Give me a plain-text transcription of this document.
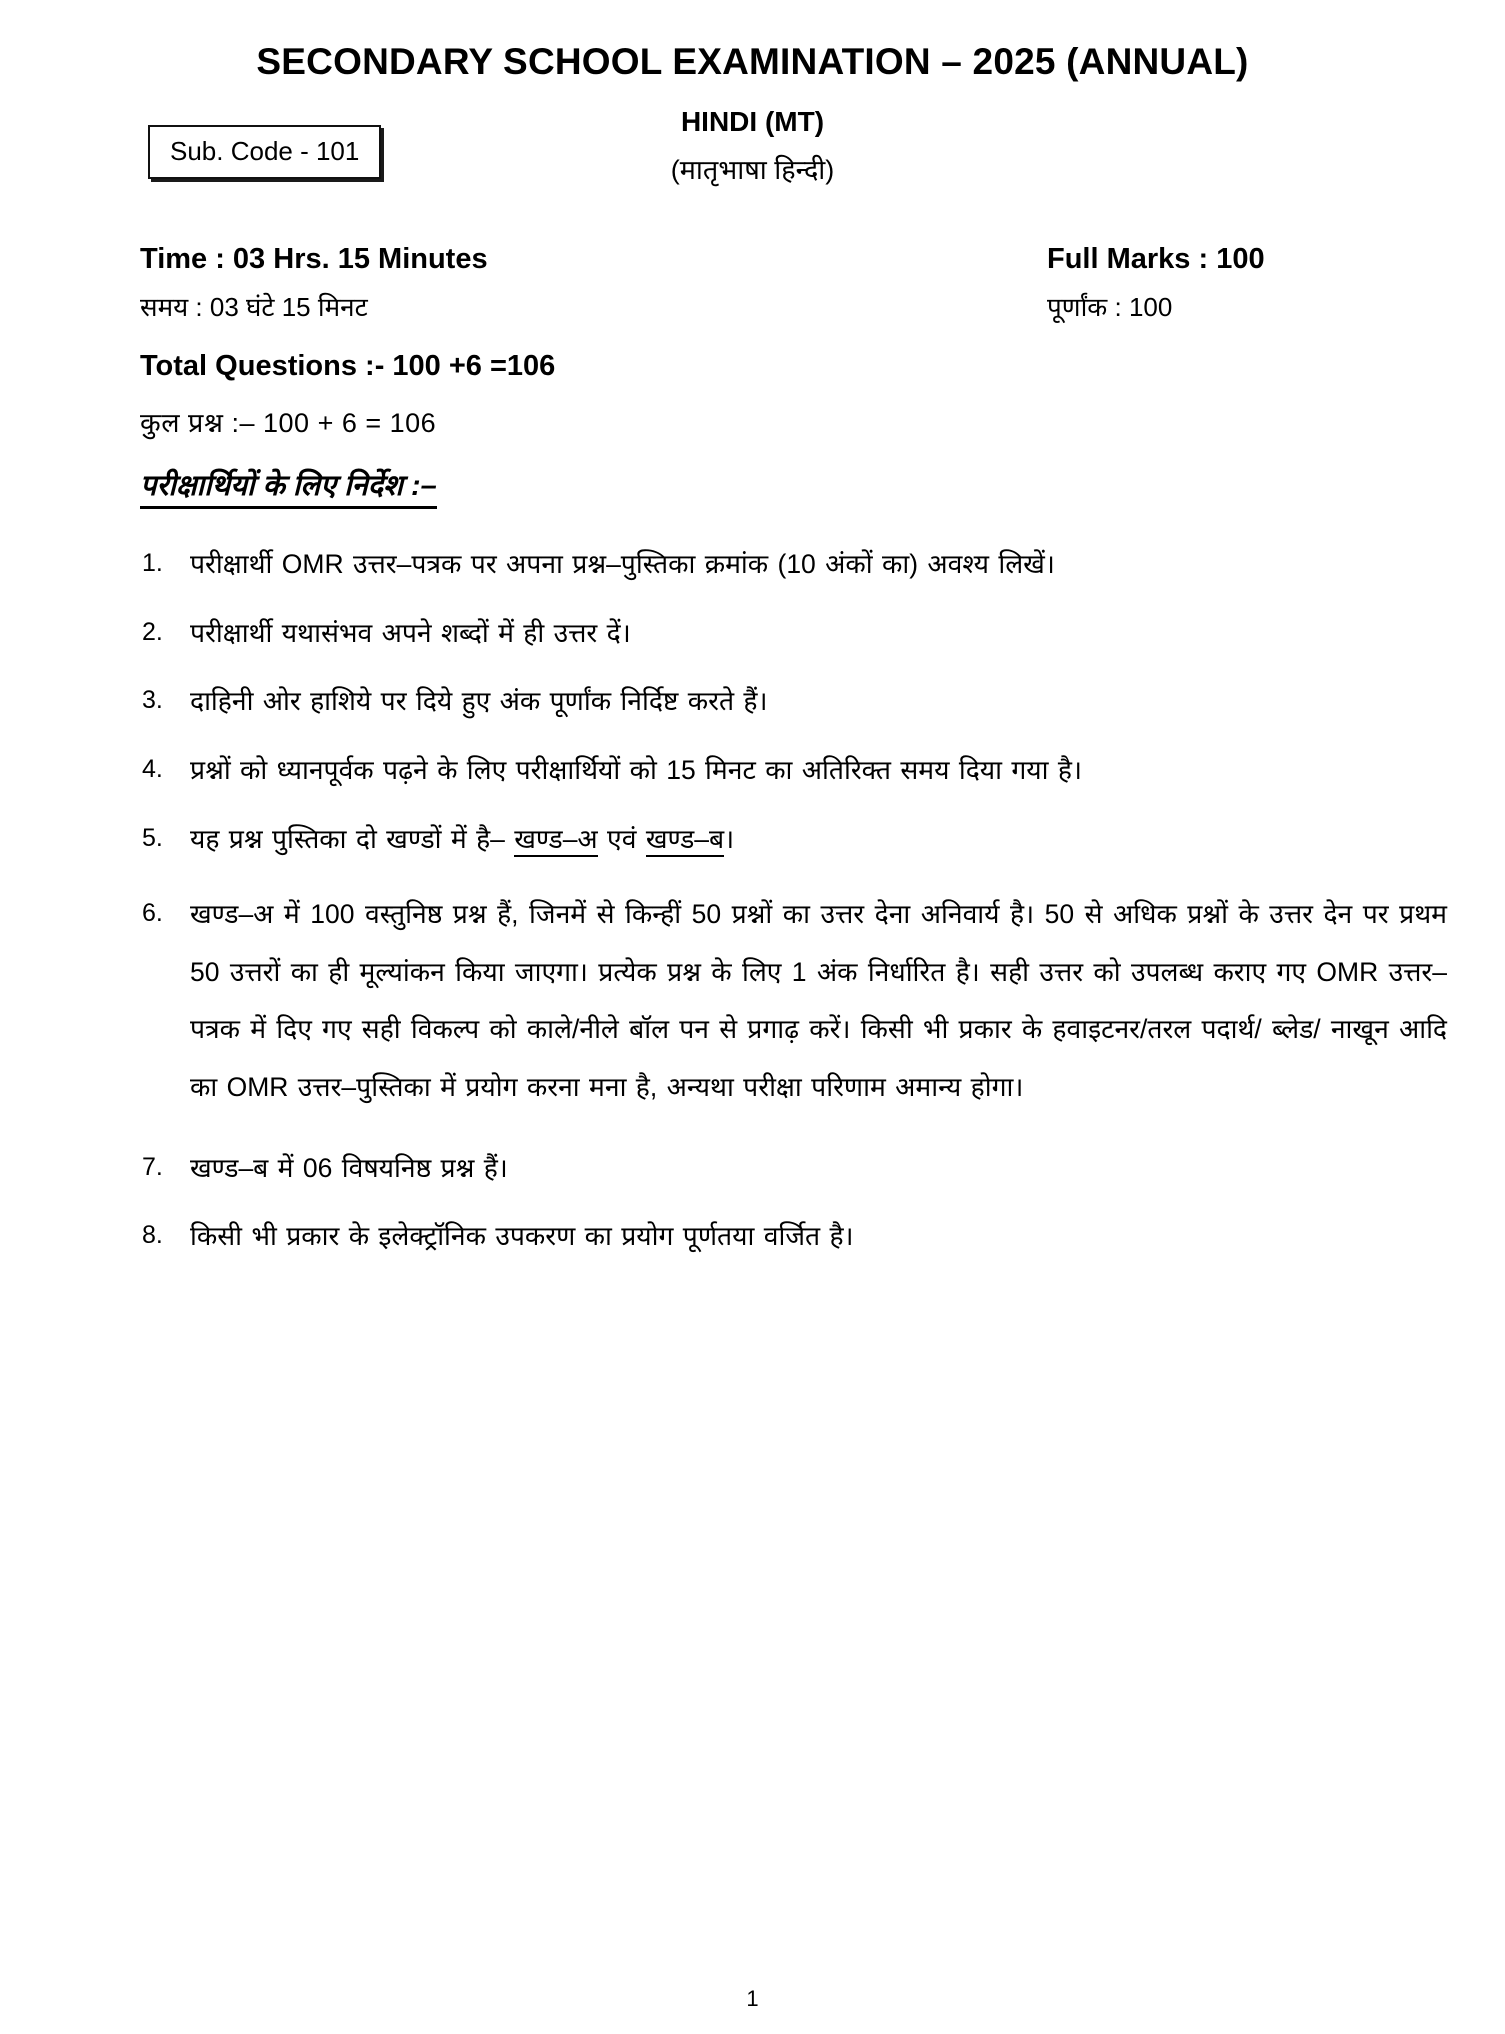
SECONDARY SCHOOL EXAMINATION – 2025 (ANNUAL)
Sub. Code - 101
HINDI (MT)
(मातृभाषा हिन्दी)
Time : 03 Hrs. 15 Minutes	Full Marks : 100
समय : 03 घंटे 15 मिनट	पूर्णांक : 100
Total Questions :- 100 +6 =106
कुल प्रश्न :– 100 + 6 = 106
परीक्षार्थियों के लिए निर्देश :–
1.	परीक्षार्थी OMR उत्तर–पत्रक पर अपना प्रश्न–पुस्तिका क्रमांक (10 अंकों का) अवश्य लिखें।
2.	परीक्षार्थी यथासंभव अपने शब्दों में ही उत्तर दें।
3.	दाहिनी ओर हाशिये पर दिये हुए अंक पूर्णांक निर्दिष्ट करते हैं।
4.	प्रश्नों को ध्यानपूर्वक पढ़ने के लिए परीक्षार्थियों को 15 मिनट का अतिरिक्त समय दिया गया है।
5.	यह प्रश्न पुस्तिका दो खण्डों में है– खण्ड–अ एवं खण्ड–ब।
6.	खण्ड–अ में 100 वस्तुनिष्ठ प्रश्न हैं, जिनमें से किन्हीं 50 प्रश्नों का उत्तर देना अनिवार्य है। 50 से अधिक प्रश्नों के उत्तर देन पर प्रथम 50 उत्तरों का ही मूल्यांकन किया जाएगा। प्रत्येक प्रश्न के लिए 1 अंक निर्धारित है। सही उत्तर को उपलब्ध कराए गए OMR उत्तर–पत्रक में दिए गए सही विकल्प को काले/नीले बॉल पन से प्रगाढ़ करें। किसी भी प्रकार के हवाइटनर/तरल पदार्थ/ ब्लेड/ नाखून आदि का OMR उत्तर–पुस्तिका में प्रयोग करना मना है, अन्यथा परीक्षा परिणाम अमान्य होगा।
7.	खण्ड–ब में 06 विषयनिष्ठ प्रश्न हैं।
8.	किसी भी प्रकार के इलेक्ट्रॉनिक उपकरण का प्रयोग पूर्णतया वर्जित है।
1
